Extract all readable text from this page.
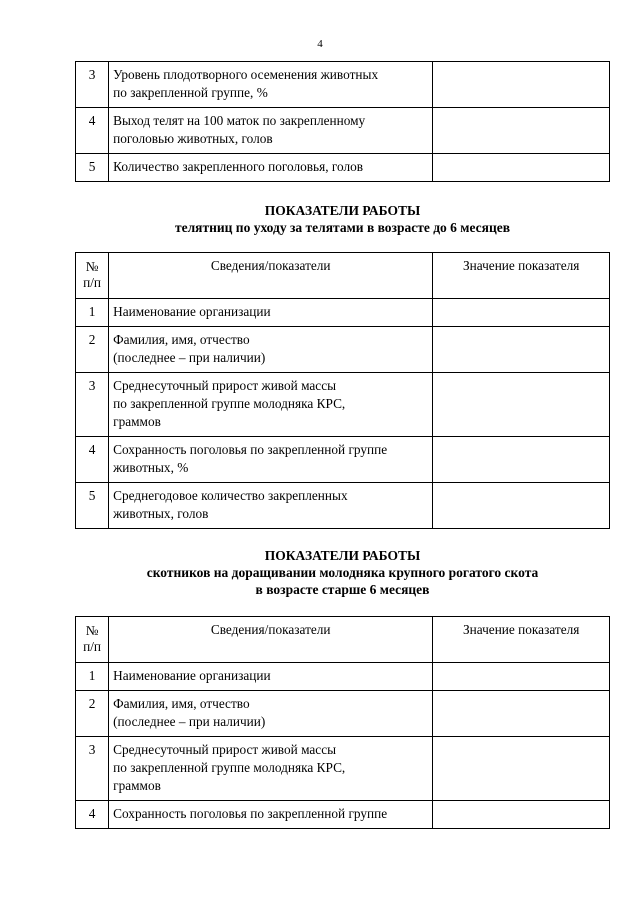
4
3	Уровень плодотворного осеменения животных
по закрепленной группе, %	

4	Выход телят на 100 маток по закрепленному
поголовью животных, голов	

5	Количество закрепленного поголовья, голов	

ПОКАЗАТЕЛИ РАБОТЫ
телятниц по уходу за телятами в возрасте до 6 месяцев
№
п/п	Сведения/показатели	Значение показателя
1	Наименование организации	

2	Фамилия, имя, отчество
(последнее – при наличии)	

3	Среднесуточный прирост живой массы
по закрепленной группе молодняка КРС,
граммов	

4	Сохранность поголовья по закрепленной группе
животных, %	

5	Среднегодовое количество закрепленных
животных, голов	

ПОКАЗАТЕЛИ РАБОТЫ
скотников на доращивании молодняка крупного рогатого скота
в возрасте старше 6 месяцев
№
п/п	Сведения/показатели	Значение показателя
1	Наименование организации	

2	Фамилия, имя, отчество
(последнее – при наличии)	

3	Среднесуточный прирост живой массы
по закрепленной группе молодняка КРС,
граммов	

4	Сохранность поголовья по закрепленной группе	
